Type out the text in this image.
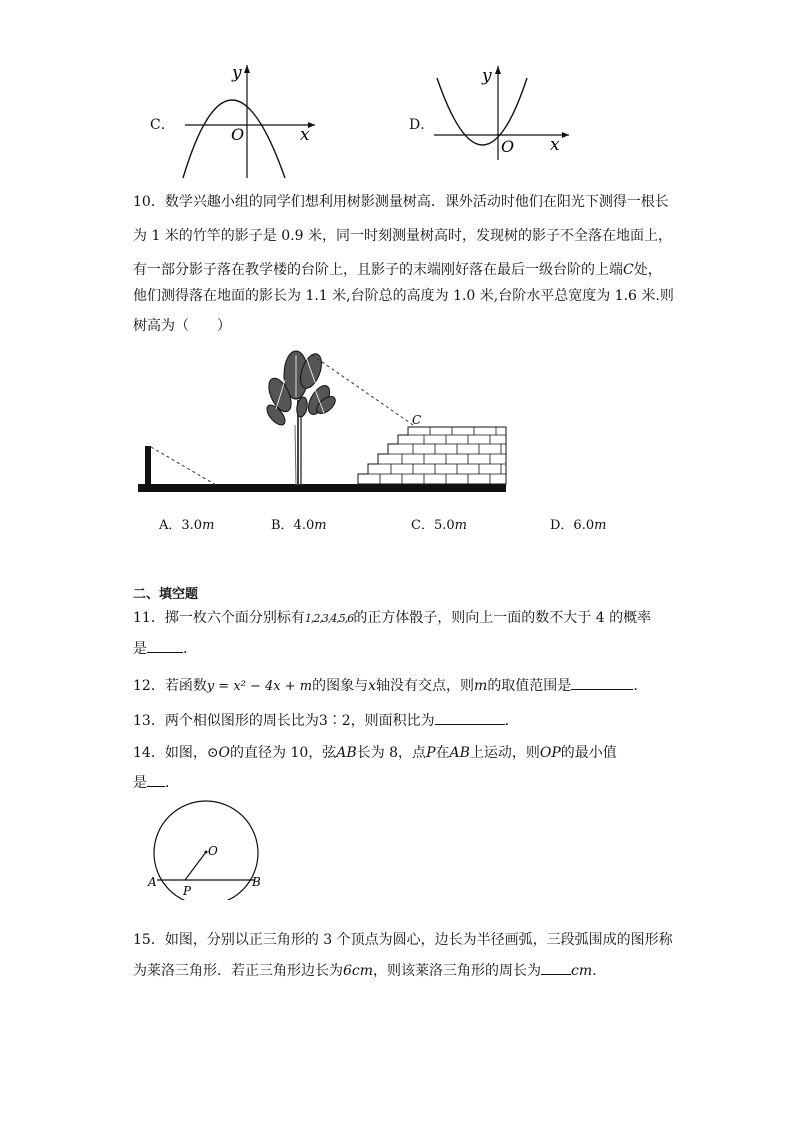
C．	x
y
O	D．
x
y
O
10．数学兴趣小组的同学们想利用树影测量树高．课外活动时他们在阳光下测得一根长
为 1 米的竹竿的影子是 0.9 米，同一时刻测量树高时，发现树的影子不全落在地面上，
有一部分影子落在教学楼的台阶上，且影子的末端刚好落在最后一级台阶的上端C处，
他们测得落在地面的影长为 1.1 米,台阶总的高度为 1.0 米,台阶水平总宽度为 1.6 米.则
树高为（　　）
C
A．3.0m	B．4.0m	C．5.0m	D．6.0m
二、填空题
11．掷一枚六个面分别标有1,2,3,4,5,6的正方体骰子，则向上一面的数不大于 4 的概率
是	．
12．若函数y = x² − 4x + m的图象与x轴没有交点，则m的取值范围是	．
13．两个相似图形的周长比为3∶2，则面积比为	．
14．如图，⊙O的直径为 10，弦AB长为 8，点P在AB上运动，则OP的最小值
是 ．
O
A	B
P
15．如图，分别以正三角形的 3 个顶点为圆心，边长为半径画弧，三段弧围成的图形称
为莱洛三角形．若正三角形边长为6cm，则该莱洛三角形的周长为 cm.
